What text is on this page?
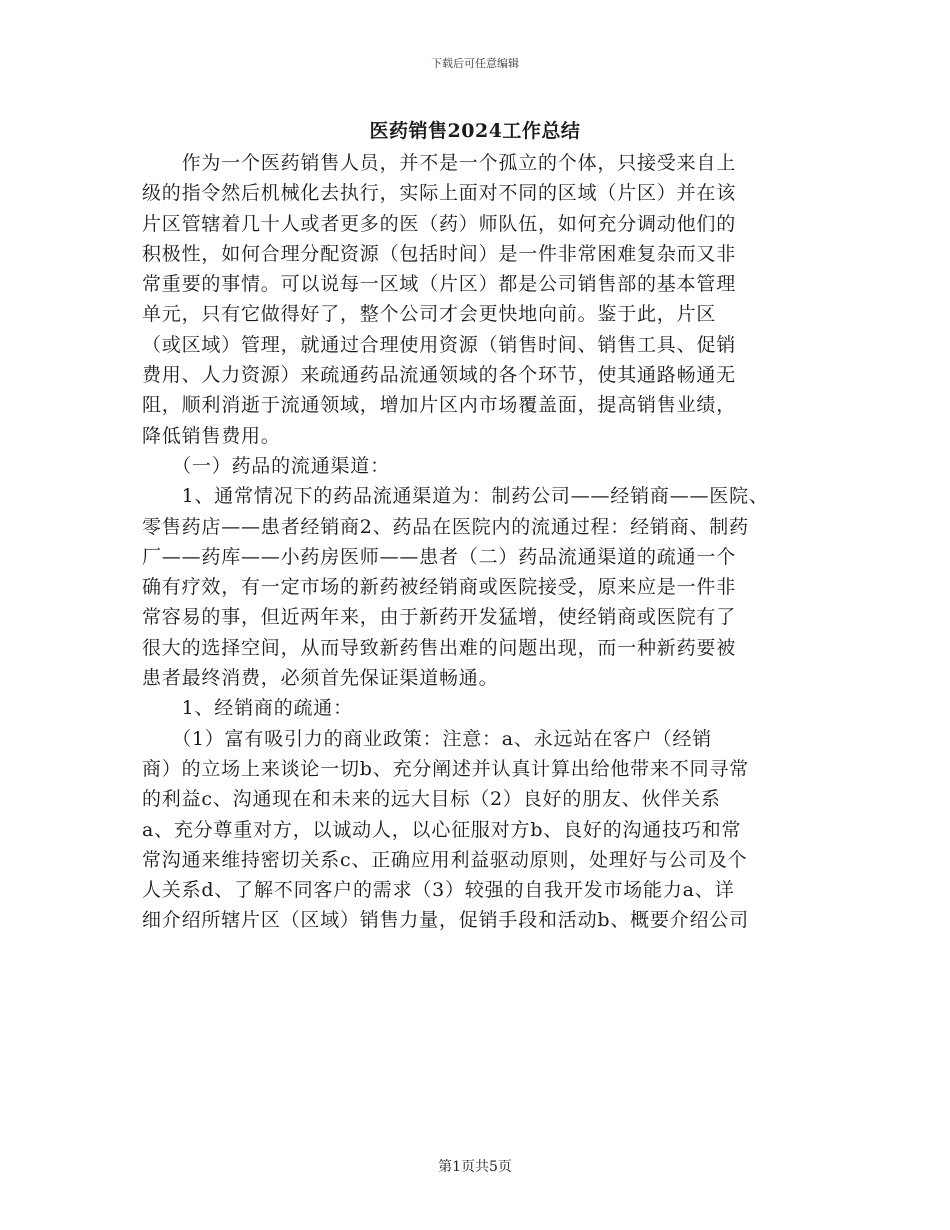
下载后可任意编辑
医药销售2024工作总结
　　作为一个医药销售人员，并不是一个孤立的个体，只接受来自上
级的指令然后机械化去执行，实际上面对不同的区域（片区）并在该
片区管辖着几十人或者更多的医（药）师队伍，如何充分调动他们的
积极性，如何合理分配资源（包括时间）是一件非常困难复杂而又非
常重要的事情。可以说每一区域（片区）都是公司销售部的基本管理
单元，只有它做得好了，整个公司才会更快地向前。鉴于此，片区
（或区域）管理，就通过合理使用资源（销售时间、销售工具、促销
费用、人力资源）来疏通药品流通领域的各个环节，使其通路畅通无
阻，顺利消逝于流通领域，增加片区内市场覆盖面，提高销售业绩，
降低销售费用。
　　（一）药品的流通渠道：
　　1、通常情况下的药品流通渠道为：制药公司——经销商——医院、
零售药店——患者经销商2、药品在医院内的流通过程：经销商、制药
厂——药库——小药房医师——患者（二）药品流通渠道的疏通一个
确有疗效，有一定市场的新药被经销商或医院接受，原来应是一件非
常容易的事，但近两年来，由于新药开发猛增，使经销商或医院有了
很大的选择空间，从而导致新药售出难的问题出现，而一种新药要被
患者最终消费，必须首先保证渠道畅通。
　　1、经销商的疏通：
　　（1）富有吸引力的商业政策：注意：a、永远站在客户（经销
商）的立场上来谈论一切b、充分阐述并认真计算出给他带来不同寻常
的利益c、沟通现在和未来的远大目标（2）良好的朋友、伙伴关系
a、充分尊重对方，以诚动人，以心征服对方b、良好的沟通技巧和常
常沟通来维持密切关系c、正确应用利益驱动原则，处理好与公司及个
人关系d、了解不同客户的需求（3）较强的自我开发市场能力a、详
细介绍所辖片区（区域）销售力量，促销手段和活动b、概要介绍公司
第1页共5页
